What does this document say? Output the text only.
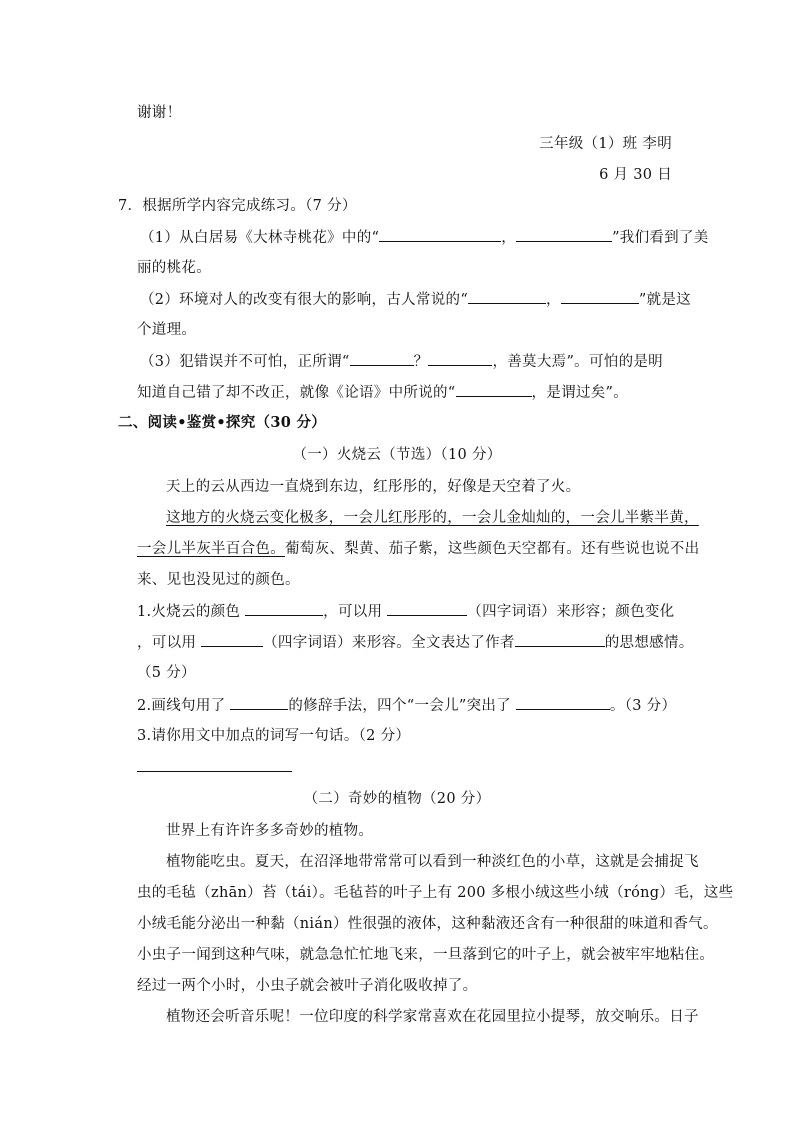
谢谢！
三年级（1）班 李明
6 月 30 日
7．根据所学内容完成练习。（7 分）
（1）从白居易《大林寺桃花》中的“	，	”我们看到了美
丽的桃花。
（2）环境对人的改变有很大的影响，古人常说的“	，	”就是这
个道理。
（3）犯错误并不可怕，正所谓“	？	，善莫大焉”。可怕的是明
知道自己错了却不改正，就像《论语》中所说的“	，是谓过矣”。
二、阅读•鉴赏•探究（30 分）
（一）火烧云（节选）（10 分）
天上的云从西边一直烧到东边，红彤彤的，好像是天空着了火。
这地方的火烧云变化极多，一会儿红彤彤的，一会儿金灿灿的，一会儿半紫半黄，
一会儿半灰半百合色。葡萄灰、梨黄、茄子紫，这些颜色天空都有。还有些说也说不出
来、见也没见过的颜色。
1.火烧云的颜色	，可以用	（四字词语）来形容；颜色变化
，可以用	（四字词语）来形容。全文表达了作者	的思想感情。
（5 分）
2.画线句用了	的修辞手法，四个“一会儿”突出了	。（3 分）
3.请你用文中加点的词写一句话。（2 分）
（二）奇妙的植物（20 分）
世界上有许许多多奇妙的植物。
植物能吃虫。夏天，在沼泽地带常常可以看到一种淡红色的小草，这就是会捕捉飞
虫的毛毡（zhān）苔（tái）。毛毡苔的叶子上有 200 多根小绒这些小绒（róng）毛，这些
小绒毛能分泌出一种黏（nián）性很强的液体，这种黏液还含有一种很甜的味道和香气。
小虫子一闻到这种气味，就急急忙忙地飞来，一旦落到它的叶子上，就会被牢牢地粘住。
经过一两个小时，小虫子就会被叶子消化吸收掉了。
植物还会听音乐呢！一位印度的科学家常喜欢在花园里拉小提琴，放交响乐。日子
